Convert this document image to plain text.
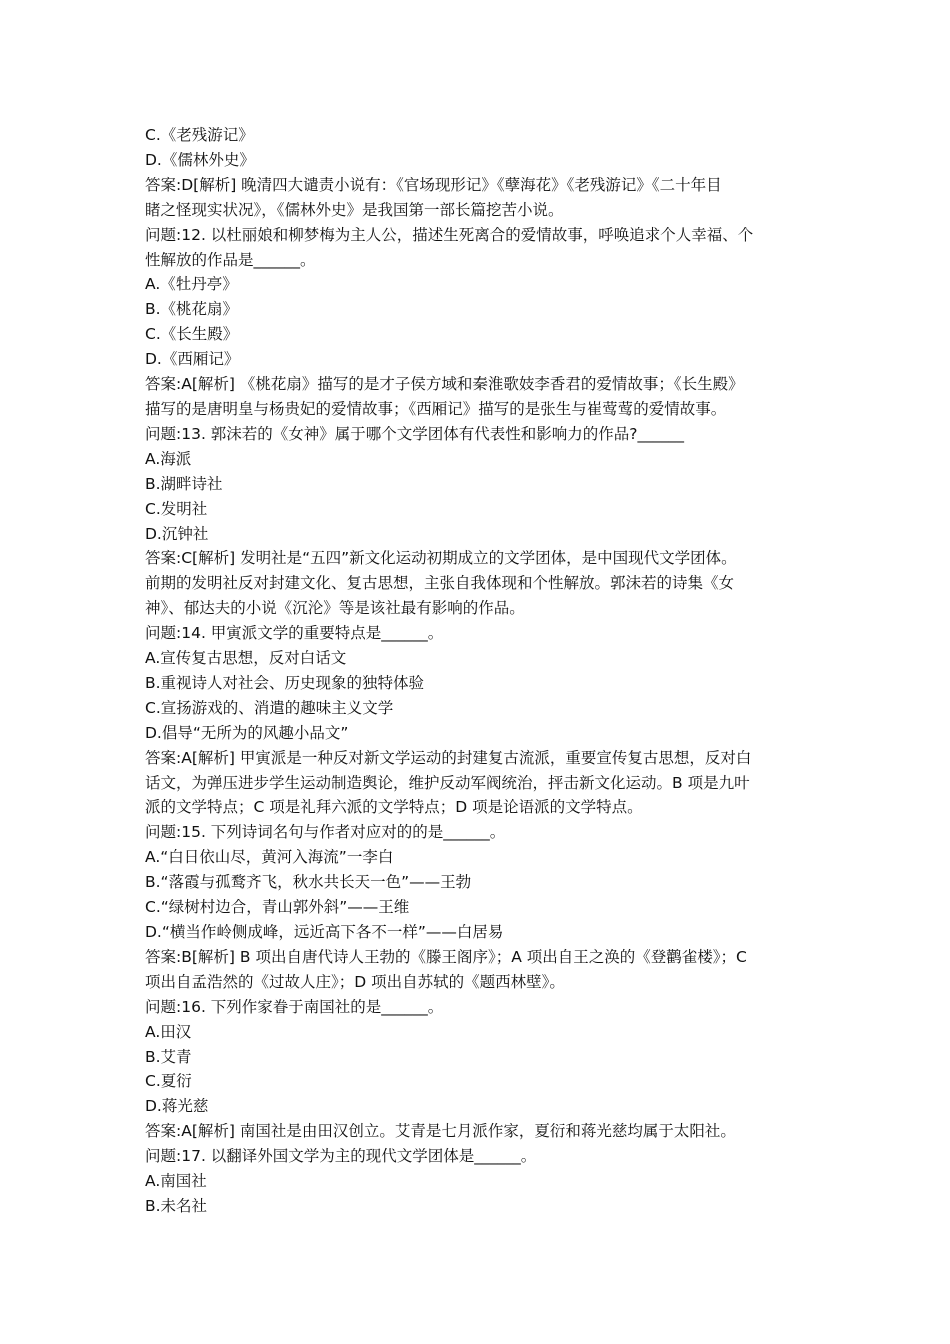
C.《老残游记》
D.《儒林外史》
答案:D[解析] 晚清四大谴责小说有：《官场现形记》《孽海花》《老残游记》《二十年目
睹之怪现实状况》，《儒林外史》是我国第一部长篇挖苦小说。
问题:12. 以杜丽娘和柳梦梅为主人公，描述生死离合的爱情故事，呼唤追求个人幸福、个
性解放的作品是______。
A.《牡丹亭》
B.《桃花扇》
C.《长生殿》
D.《西厢记》
答案:A[解析] 《桃花扇》描写的是才子侯方域和秦淮歌妓李香君的爱情故事；《长生殿》
描写的是唐明皇与杨贵妃的爱情故事；《西厢记》描写的是张生与崔莺莺的爱情故事。
问题:13. 郭沫若的《女神》属于哪个文学团体有代表性和影响力的作品?______
A.海派
B.湖畔诗社
C.发明社
D.沉钟社
答案:C[解析] 发明社是“五四”新文化运动初期成立的文学团体，是中国现代文学团体。
前期的发明社反对封建文化、复古思想，主张自我体现和个性解放。郭沫若的诗集《女
神》、郁达夫的小说《沉沦》等是该社最有影响的作品。
问题:14. 甲寅派文学的重要特点是______。
A.宣传复古思想，反对白话文
B.重视诗人对社会、历史现象的独特体验
C.宣扬游戏的、消遣的趣味主义文学
D.倡导“无所为的风趣小品文”
答案:A[解析] 甲寅派是一种反对新文学运动的封建复古流派，重要宣传复古思想，反对白
话文，为弹压进步学生运动制造舆论，维护反动军阀统治，抨击新文化运动。B 项是九叶
派的文学特点；C 项是礼拜六派的文学特点；D 项是论语派的文学特点。
问题:15. 下列诗词名句与作者对应对的的是______。
A.“白日依山尽，黄河入海流”一李白
B.“落霞与孤鹜齐飞，秋水共长天一色”——王勃
C.“绿树村边合，青山郭外斜”——王维
D.“横当作岭侧成峰，远近高下各不一样”——白居易
答案:B[解析] B 项出自唐代诗人王勃的《滕王阁序》；A 项出自王之涣的《登鹳雀楼》；C
项出自孟浩然的《过故人庄》；D 项出自苏轼的《题西林壁》。
问题:16. 下列作家眷于南国社的是______。
A.田汉
B.艾青
C.夏衍
D.蒋光慈
答案:A[解析] 南国社是由田汉创立。艾青是七月派作家，夏衍和蒋光慈均属于太阳社。
问题:17. 以翻译外国文学为主的现代文学团体是______。
A.南国社
B.未名社
